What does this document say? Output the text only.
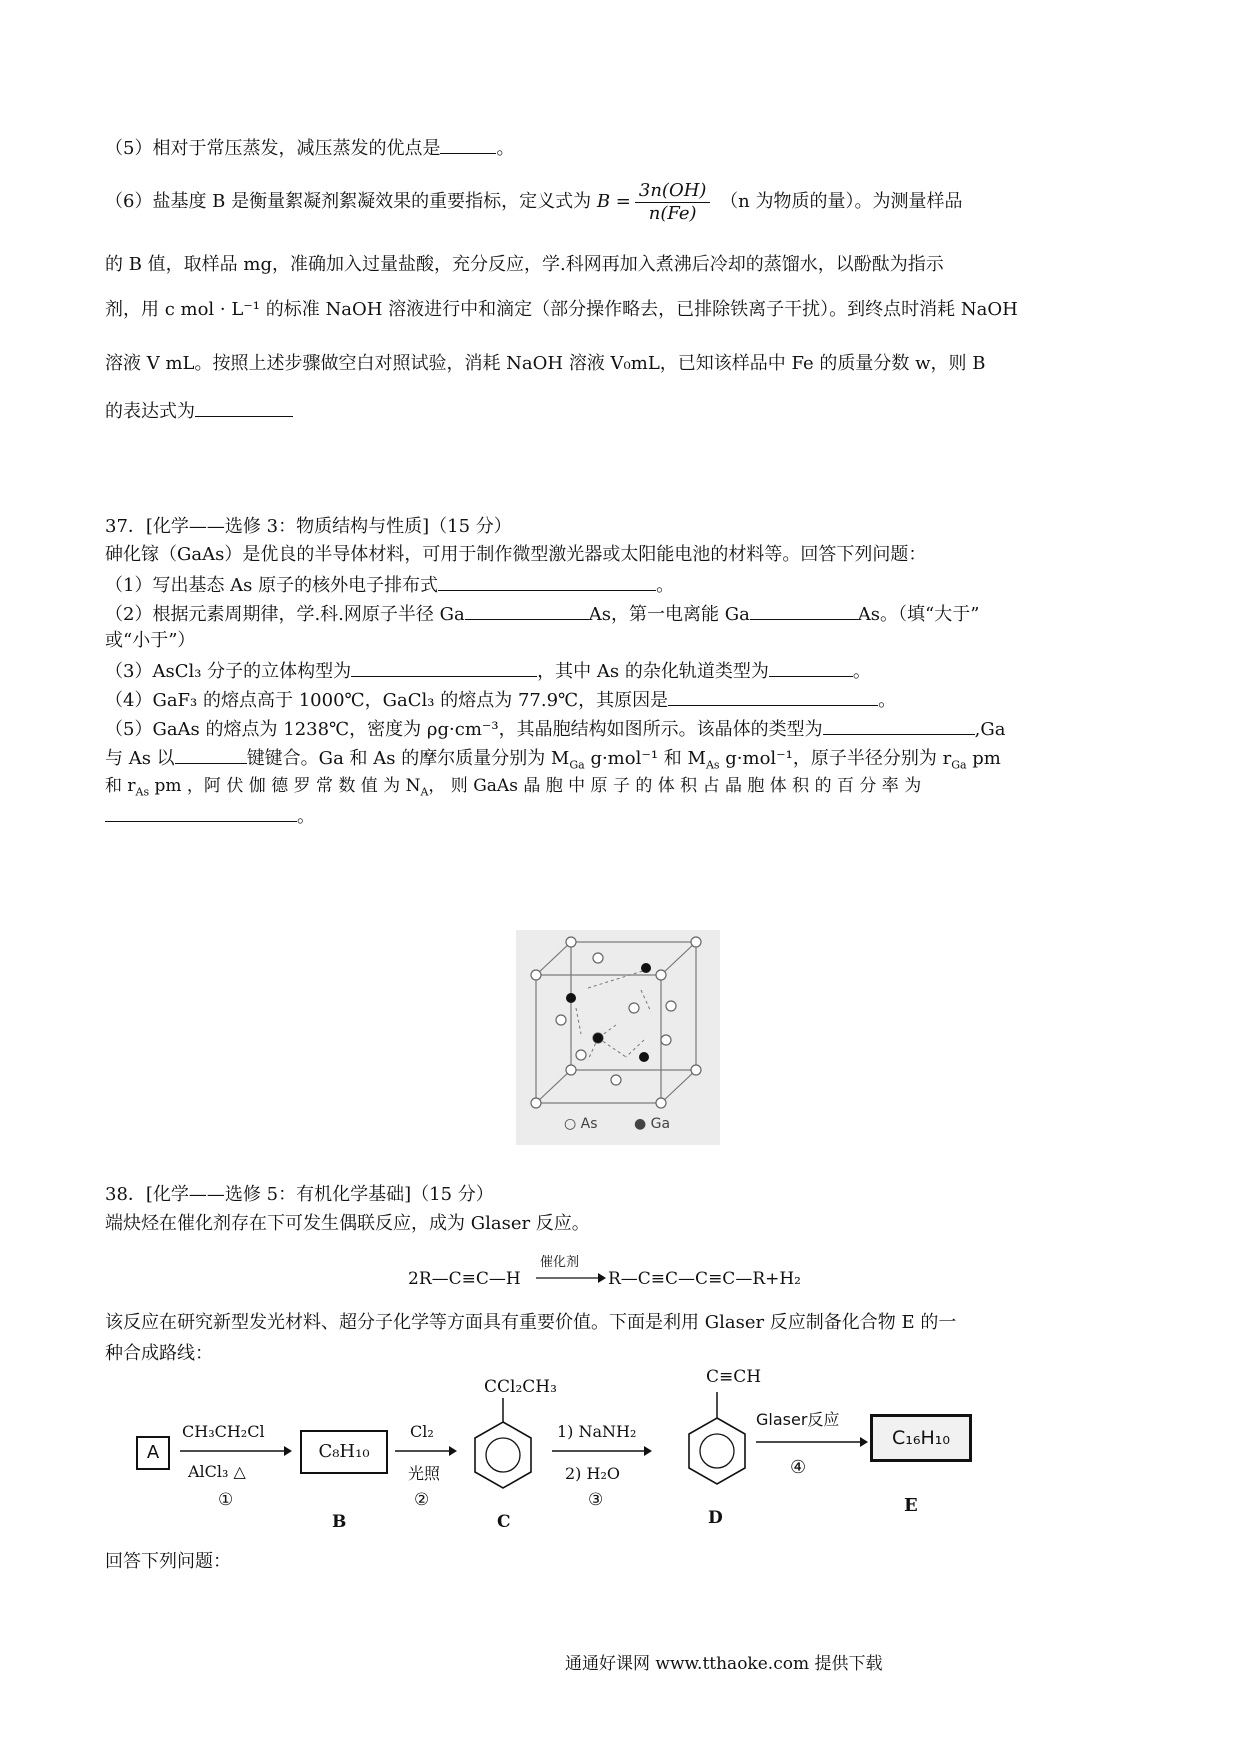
（5）相对于常压蒸发，减压蒸发的优点是	。
（6）盐基度 B 是衡量絮凝剂絮凝效果的重要指标，定义式为 $B = \frac{3n(OH)}{n(Fe)} (n$ 为物质的量）。为测量样品
的 B 值，取样品 mg，准确加入过量盐酸，充分反应，学.科网再加入煮沸后冷却的蒸馏水，以酚酞为指示
剂，用 c mol · L⁻¹ 的标准 NaOH 溶液进行中和滴定（部分操作略去，已排除铁离子干扰）。到终点时消耗 NaOH
溶液 V mL。按照上述步骤做空白对照试验，消耗 NaOH 溶液 V₀mL，已知该样品中 Fe 的质量分数 w，则 B
的表达式为
37．[化学——选修 3：物质结构与性质]（15 分）
砷化镓（GaAs）是优良的半导体材料，可用于制作微型激光器或太阳能电池的材料等。回答下列问题：
（1）写出基态 As 原子的核外电子排布式	。
（2）根据元素周期律，学.科.网原子半径 Ga	As，第一电离能 Ga	As。（填“大于”
或“小于”）
（3）AsCl₃ 分子的立体构型为	，其中 As 的杂化轨道类型为	。
（4）GaF₃ 的熔点高于 1000℃，GaCl₃ 的熔点为 77.9℃，其原因是	。
（5）GaAs 的熔点为 1238℃，密度为 ρg·cm⁻³，其晶胞结构如图所示。该晶体的类型为	,Ga
与 As 以	键键合。Ga 和 As 的摩尔质量分别为 $M_{Ga}$ g·mol⁻¹ 和 $M_{As}$ g·mol⁻¹，原子半径分别为 $r_{Ga}$ pm
和 $r_{As}$ pm ，阿 伏 伽 德 罗 常 数 值 为 $N_A$， 则 GaAs 晶 胞 中 原 子 的 体 积 占 晶 胞 体 积 的 百 分 率 为
。
○ As	● Ga
38．[化学——选修 5：有机化学基础]（15 分）
端炔烃在催化剂存在下可发生偶联反应，成为 Glaser 反应。
2R—C≡C—H
催化剂
R—C≡C—C≡C—R+H₂
该反应在研究新型发光材料、超分子化学等方面具有重要价值。下面是利用 Glaser 反应制备化合物 E 的一
种合成路线：
A
CH₃CH₂Cl
AlCl₃ △
①
C₈H₁₀
B
Cl₂
光照
②
CCl₂CH₃
C
1) NaNH₂
2) H₂O
③
C≡CH
D
Glaser反应
④
C₁₆H₁₀
E
回答下列问题：
通通好课网 www.tthaoke.com 提供下载
